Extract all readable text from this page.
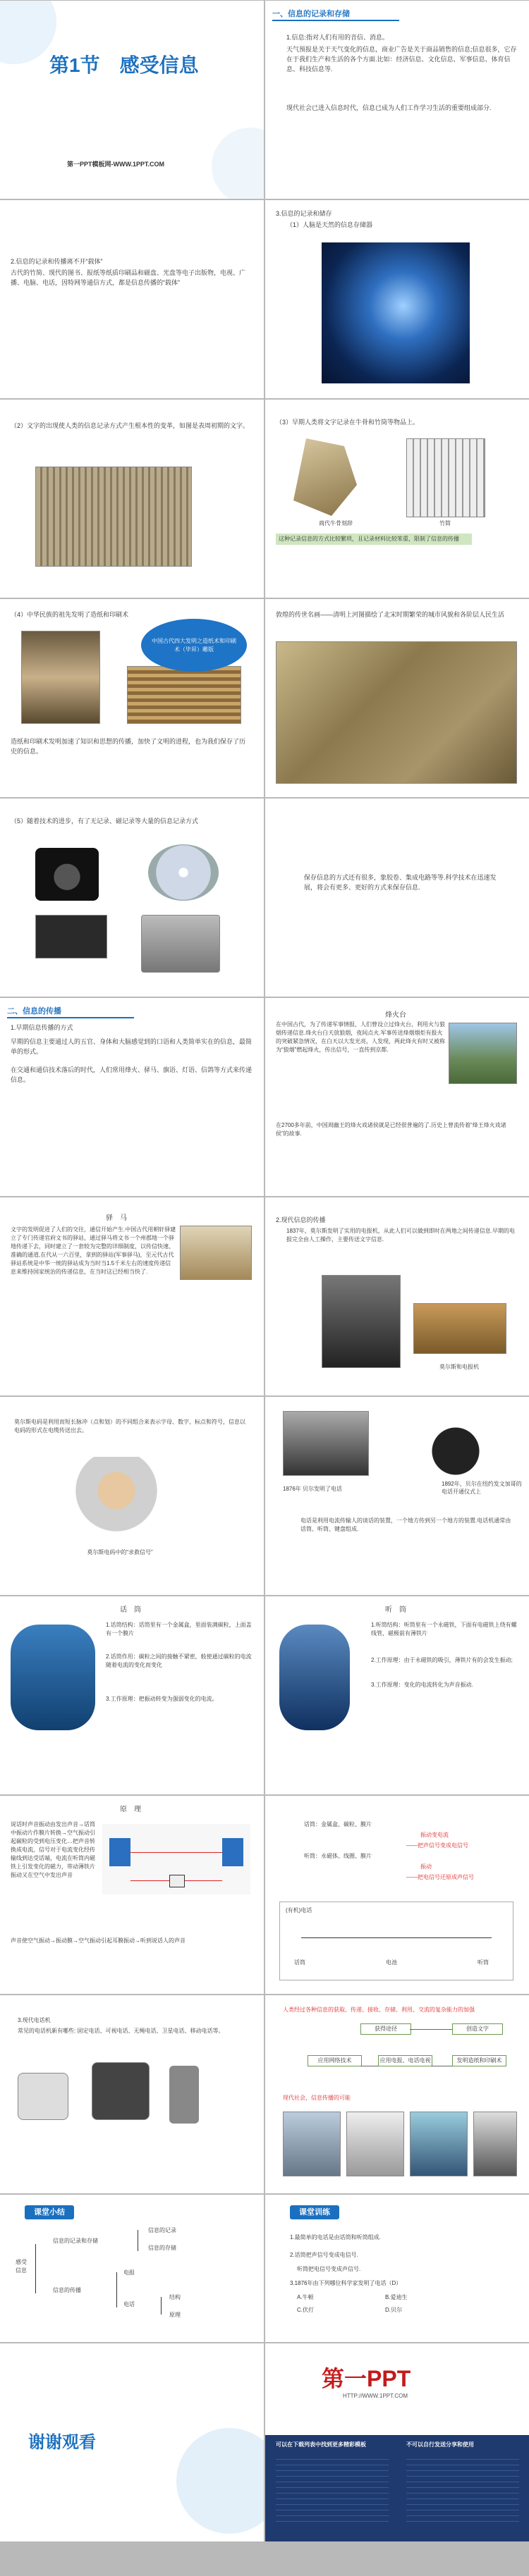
第1节　感受信息
第一PPT模板网-WWW.1PPT.COM
一、信息的记录和存储
1.信息:指对人们有用的音信、消息。
天气预报是关于天气变化的信息，商业广告是关于商品销售的信息;信息很多，它存在于我们生产和生活的各个方面.比如：经济信息、文化信息、军事信息、体育信息、科技信息等.
现代社会已进入信息时代，信息已成为人们工作学习生活的重要组成部分.
2.信息的记录和传播离不开“载体”
古代的竹简、现代的图书、报纸等纸质印刷品和磁盘、光盘等电子出版物，电视、广播、电脑、电话，因特网等通信方式，都是信息传播的“载体”
3.信息的记录和储存
（1）人脑是天然的信息存储器
（2）文字的出现使人类的信息记录方式产生根本性的变革，如图是表周初期的文字。	（3）早期人类将文字记录在牛骨和竹筒等物品上。
商代牛骨刻辞	竹简
这种记录信息的方式比较繁琐，且记录材料比较笨重，限制了信息的传播
（4）中华民族的祖先发明了造纸和印刷术
中国古代四大发明之造纸术和印刷术（毕昇）雕版
造纸和印刷术发明加速了知识和思想的传播，加快了文明的进程，也为我们保存了历史的信息。
敦煌的传世名画——清明上河图描绘了北宋时期繁荣的城市风貌和各阶层人民生活
（5）随着技术的进步，有了无记录、磁记录等大量的信息记录方式
保存信息的方式还有很多，象胶卷、集成电路等等.科学技术在迅速发展，将会有更多、更好的方式来保存信息.
二、信息的传播
1.早期信息传播的方式
早期的信息主要通过人的五官、身体和大脑感觉到的口语和人类简单实在的信息，最简单的形式。
在交通和通信技术落后的时代，人们常用烽火、驿马、旗语、灯语、信鸽等方式来传递信息。
烽火台
在中国古代，为了传递军事情报，人们曾设立过烽火台，利用火与狼烟传递信息.烽火台白天放狼烟，夜间点火.军事传送烽烟烟炬有报火的突破紧急情况，在白天以大发光亮，人发现，两此烽火有时又被称为“狼烟”燃起烽火，传出信号，一直传到京都.
在2700多年前，中国周幽王的烽火戏诸侯就是已经很普遍的了.历史上曾流传着“烽王烽火戏诸侯”的故事.
驿　马
文字的发明促进了人们的交往，通信开始产生.中国古代用朝轩驿建立了专门传递官府文书的驿站，通过驿马将文书一个州郡地一个驿地传递下去，同时建立了一套较为完整的详细制度，以传信快速、准确的通道,在代从一六百里，拿到的驿站(军事驿马)，至元代古代驿站系统是中华一统的驿站成为当时当1.5千米左右的速度传递信息来维持国家统治的传递信息，在当时这已经相当快了.
2.现代信息的传播
1837年，莫尔斯发明了实用的电报机，从此人们可以做到即时在两地之间传递信息.早期的电报完全由人工操作，主要传送文字信息.
莫尔斯和电报机
莫尔斯电码是利用而短长脉冲（点和划）的不同组合来表示字母、数字、标点和符号，信息以电码的形式在电缆传送出去。
莫尔斯电码中的“求救信号”
1876年 贝尔发明了电话
1892年，贝尔在纽约发文加哥的电话开通仪式上
电话是利用电流传输人的谈话的装置，一个地方传到另一个地方的装置.电话机通常由话筒、听筒、键盘组成.
话　筒
1.话筒结构：话筒里有一个金属盒，里面装满碳粒，上面盖有一个膜片
2.话筒作用：碳粒之间的接触不紧密，般使通过碳粒的电流随着电流的变化而变化
3.工作原理：把振动转变为强弱变化的电流。
听　筒
1.听筒结构：听筒里有一个永磁铁，下面有电磁铁上绕有螺线管，磁极前有薄铁片
2.工作原理：由于永磁铁的吸引，薄铁片有的会发生振动;
3.工作原理：变化的电流转化为声音振动.
原　理
说话时声音振动由发出声音→话筒中振动片作膜片转换→空气振动引起碳粒的受到电压变化…把声音转换成电流，信号对于电流变化经传输线到达受话端，电流在听筒内磁铁上引发变化的磁力，带动薄铁片振动又在空气中发出声音
声音使空气振动→振动膜→空气振动引起耳膜振动→听到说话人的声音
话筒：金属盒、碳粒、膜片
振动变电流
——把声信号变成电信号
听筒：永磁体、线圈、膜片
振动
——把电信号还原成声信号
(有机)电话
电池
话筒	听筒
3.现代电话机
常见的电话机新有哪些: 固定电话、可视电话、无绳电话、卫星电话、移动电话等。
人类经过各种信息的获取、传递、接收、存储、利用、交流的复杂能力的加强
获得途径	创造文字
应用网络技术	应用电报、电话电视	发明造纸和印刷术
现代社会，信息传播的可能
课堂小结
感受信息
信息的记录和存储
信息的传播
信息的记录
信息的存储
电报
电话
结构
原理
课堂训练
1.最简单的电话是由话筒和听筒组成.
2.话筒把声信号变成电信号.
听筒把电信号变成声信号.
3.1876年由下列哪位科学家发明了电话（D）
A.牛顿	B.爱迪生
C.伏打	D.贝尔
谢谢观看
第一PPT
HTTP://WWW.1PPT.COM
可以在下载列表中找到更多精彩模板	不可以自行发送分享和使用
